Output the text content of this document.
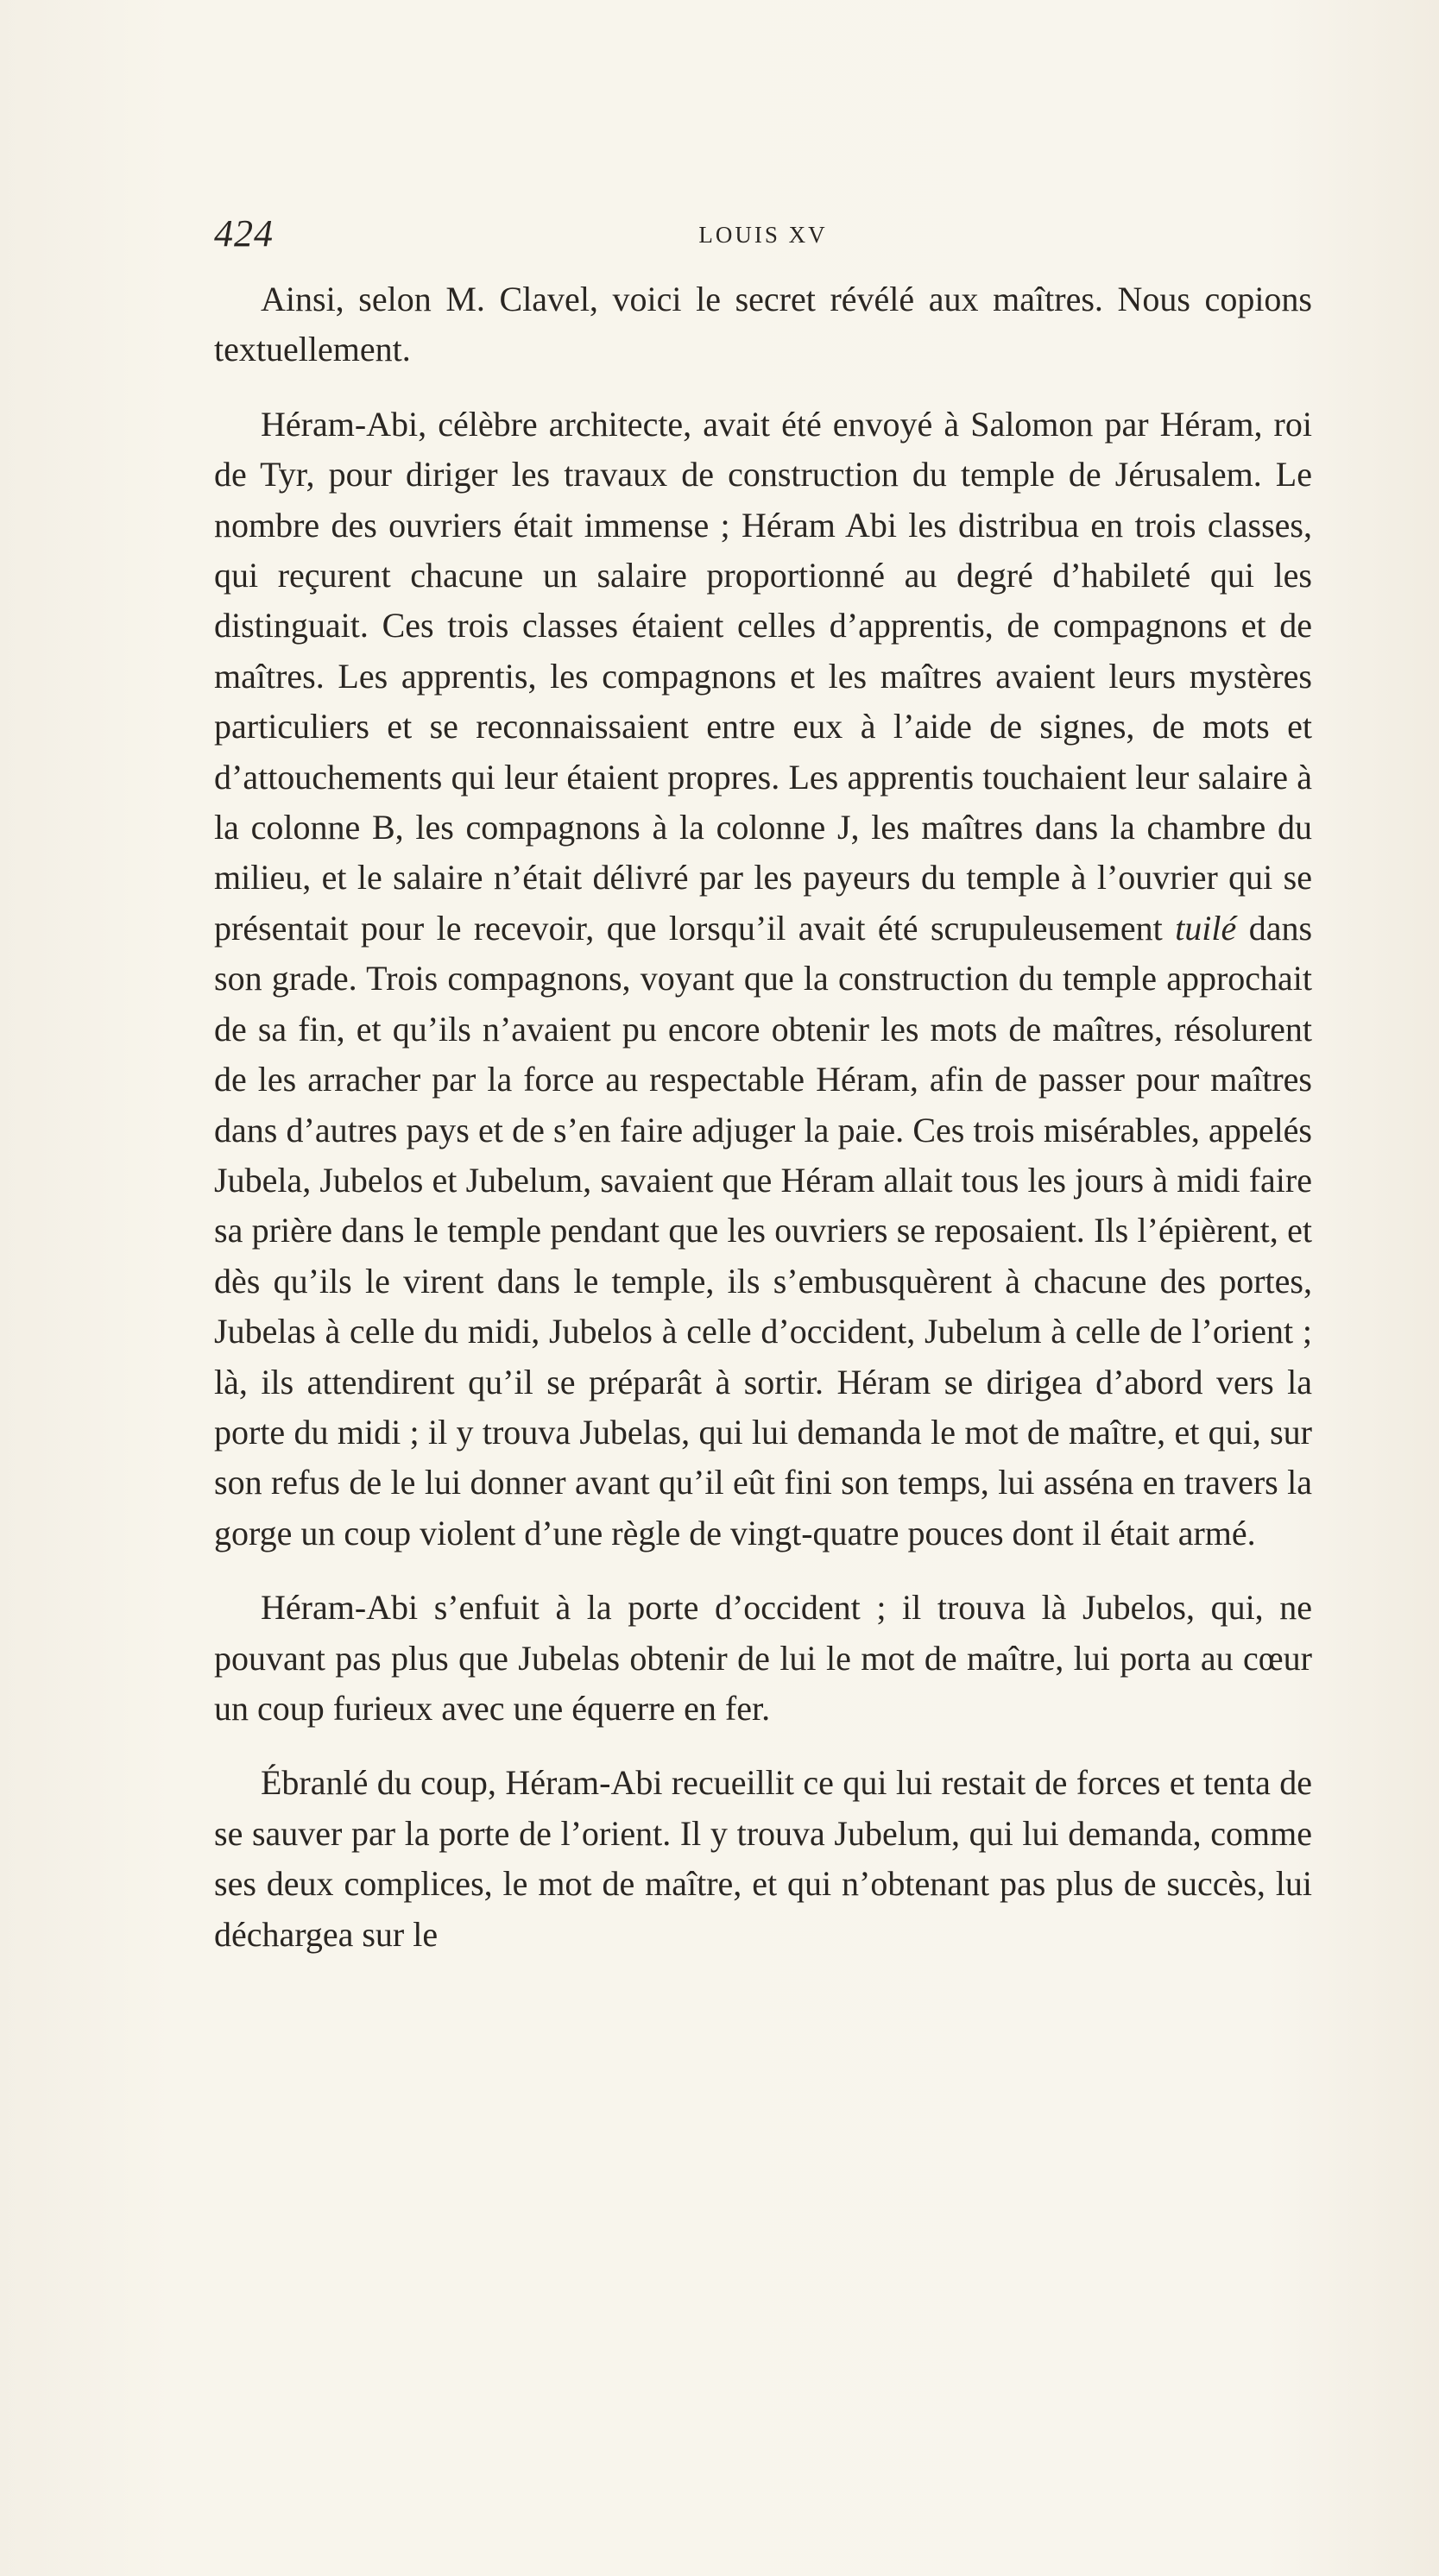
424	LOUIS XV

Ainsi, selon M. Clavel, voici le secret révélé aux maîtres. Nous copions textuellement.

Héram-Abi, célèbre architecte, avait été envoyé à Salomon par Héram, roi de Tyr, pour diriger les travaux de construction du temple de Jérusalem. Le nombre des ouvriers était immense ; Héram Abi les distribua en trois classes, qui reçurent chacune un salaire proportionné au degré d’habileté qui les distinguait. Ces trois classes étaient celles d’apprentis, de compagnons et de maîtres. Les apprentis, les compagnons et les maîtres avaient leurs mystères particuliers et se reconnaissaient entre eux à l’aide de signes, de mots et d’attouchements qui leur étaient propres. Les apprentis touchaient leur salaire à la colonne B, les compagnons à la colonne J, les maîtres dans la chambre du milieu, et le salaire n’était délivré par les payeurs du temple à l’ouvrier qui se présentait pour le recevoir, que lorsqu’il avait été scrupuleusement tuilé dans son grade. Trois compagnons, voyant que la construction du temple approchait de sa fin, et qu’ils n’avaient pu encore obtenir les mots de maîtres, résolurent de les arracher par la force au respectable Héram, afin de passer pour maîtres dans d’autres pays et de s’en faire adjuger la paie. Ces trois misérables, appelés Jubela, Jubelos et Jubelum, savaient que Héram allait tous les jours à midi faire sa prière dans le temple pendant que les ouvriers se reposaient. Ils l’épièrent, et dès qu’ils le virent dans le temple, ils s’embusquèrent à chacune des portes, Jubelas à celle du midi, Jubelos à celle d’occident, Jubelum à celle de l’orient ; là, ils attendirent qu’il se préparât à sortir. Héram se dirigea d’abord vers la porte du midi ; il y trouva Jubelas, qui lui demanda le mot de maître, et qui, sur son refus de le lui donner avant qu’il eût fini son temps, lui asséna en travers la gorge un coup violent d’une règle de vingt-quatre pouces dont il était armé.

Héram-Abi s’enfuit à la porte d’occident ; il trouva là Jubelos, qui, ne pouvant pas plus que Jubelas obtenir de lui le mot de maître, lui porta au cœur un coup furieux avec une équerre en fer.

Ébranlé du coup, Héram-Abi recueillit ce qui lui restait de forces et tenta de se sauver par la porte de l’orient. Il y trouva Jubelum, qui lui demanda, comme ses deux complices, le mot de maître, et qui n’obtenant pas plus de succès, lui déchargea sur le
